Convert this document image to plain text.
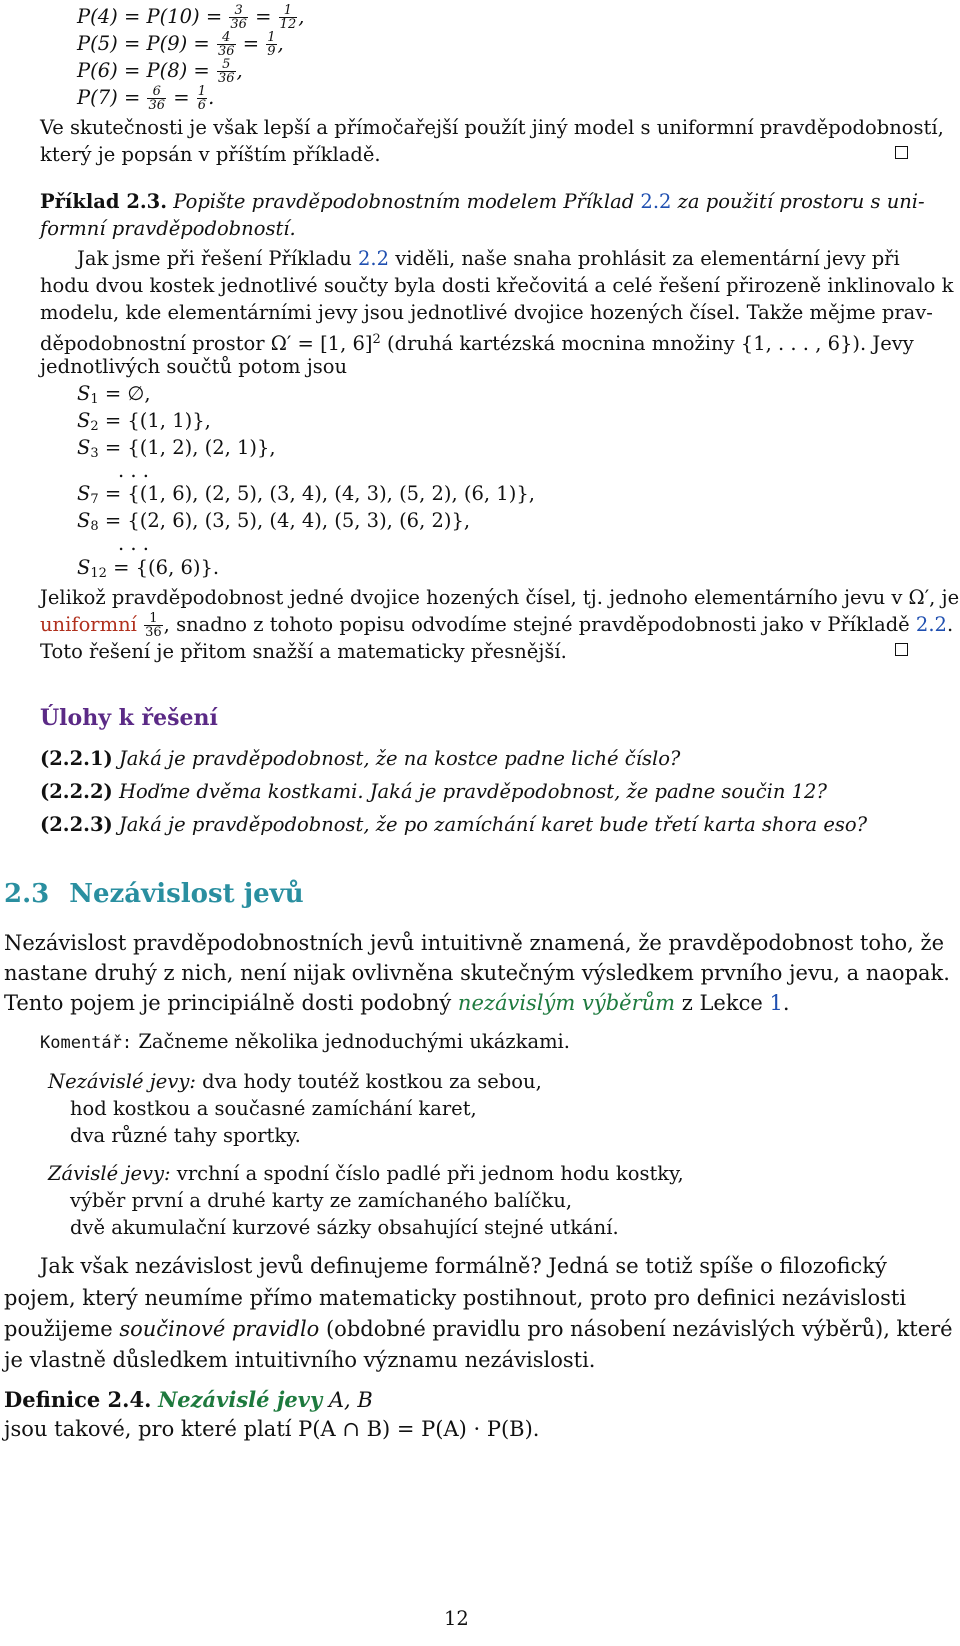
$P(4) = P(10) = \frac{3}{36} = \frac{1}{12}$ ,
$P(5) = P(9) = \frac{4}{36} = \frac{1}{9}$ ,
$P(6) = P(8) = \frac{5}{36}$ ,
$P(7) = \frac{6}{36} = \frac{1}{6}$ .
Ve skutečnosti je však lepší a přímočařejší použít jiný model s uniformní pravděpodobností,
který je popsán v příštím příkladě.
Příklad 2.3. Popište pravděpodobnostním modelem Příklad 2.2 za použití prostoru s uni-
formní pravděpodobností.
Jak jsme při řešení Příkladu 2.2 viděli, naše snaha prohlásit za elementární jevy při
hodu dvou kostek jednotlivé součty byla dosti křečovitá a celé řešení přirozeně inklinovalo k
modelu, kde elementárními jevy jsou jednotlivé dvojice hozených čísel. Takže mějme prav-
děpodobnostní prostor Ω′ = [1, 6]$^2$ (druhá kartézská mocnina množiny {1, . . . , 6}). Jevy
jednotlivých součtů potom jsou
$S_1$ = ∅,
$S_2 = \{(1$, 1)},
$S_3 = \{(1$, 2), (2, 1)},
. . .
$S_7 = \{(1$, 6), (2, 5), (3, 4), (4, 3), (5, 2), (6, 1)},
$S_8 = \{(2$, 6), (3, 5), (4, 4), (5, 3), (6, 2)},
. . .
$S_{12} = \{(6$, 6)}.
Jelikož pravděpodobnost jedné dvojice hozených čísel, tj. jednoho elementárního jevu v Ω′, je
uniformní $\frac{1}{36}$ , snadno z tohoto popisu odvodíme stejné pravděpodobnosti jako v Příkladě 2.2.
Toto řešení je přitom snažší a matematicky přesnější.
Úlohy k řešení
(2.2.1) Jaká je pravděpodobnost, že na kostce padne liché číslo?
(2.2.2) Hoďme dvěma kostkami. Jaká je pravděpodobnost, že padne součin 12?
(2.2.3) Jaká je pravděpodobnost, že po zamíchání karet bude třetí karta shora eso?
2.3 Nezávislost jevů
Nezávislost pravděpodobnostních jevů intuitivně znamená, že pravděpodobnost toho, že
nastane druhý z nich, není nijak ovlivněna skutečným výsledkem prvního jevu, a naopak.
Tento pojem je principiálně dosti podobný nezávislým výběrům z Lekce 1.
Komentář: Začneme několika jednoduchými ukázkami.
Nezávislé jevy: dva hody toutéž kostkou za sebou,
hod kostkou a současné zamíchání karet,
dva různé tahy sportky.
Závislé jevy: vrchní a spodní číslo padlé při jednom hodu kostky,
výběr první a druhé karty ze zamíchaného balíčku,
dvě akumulační kurzové sázky obsahující stejné utkání.
Jak však nezávislost jevů definujeme formálně? Jedná se totiž spíše o filozofický
pojem, který neumíme přímo matematicky postihnout, proto pro definici nezávislosti
použijeme součinové pravidlo (obdobné pravidlu pro násobení nezávislých výběrů), které
je vlastně důsledkem intuitivního významu nezávislosti.
Definice 2.4. Nezávislé jevy A, B
jsou takové, pro které platí P(A ∩ B) = P(A) · P(B).
12
